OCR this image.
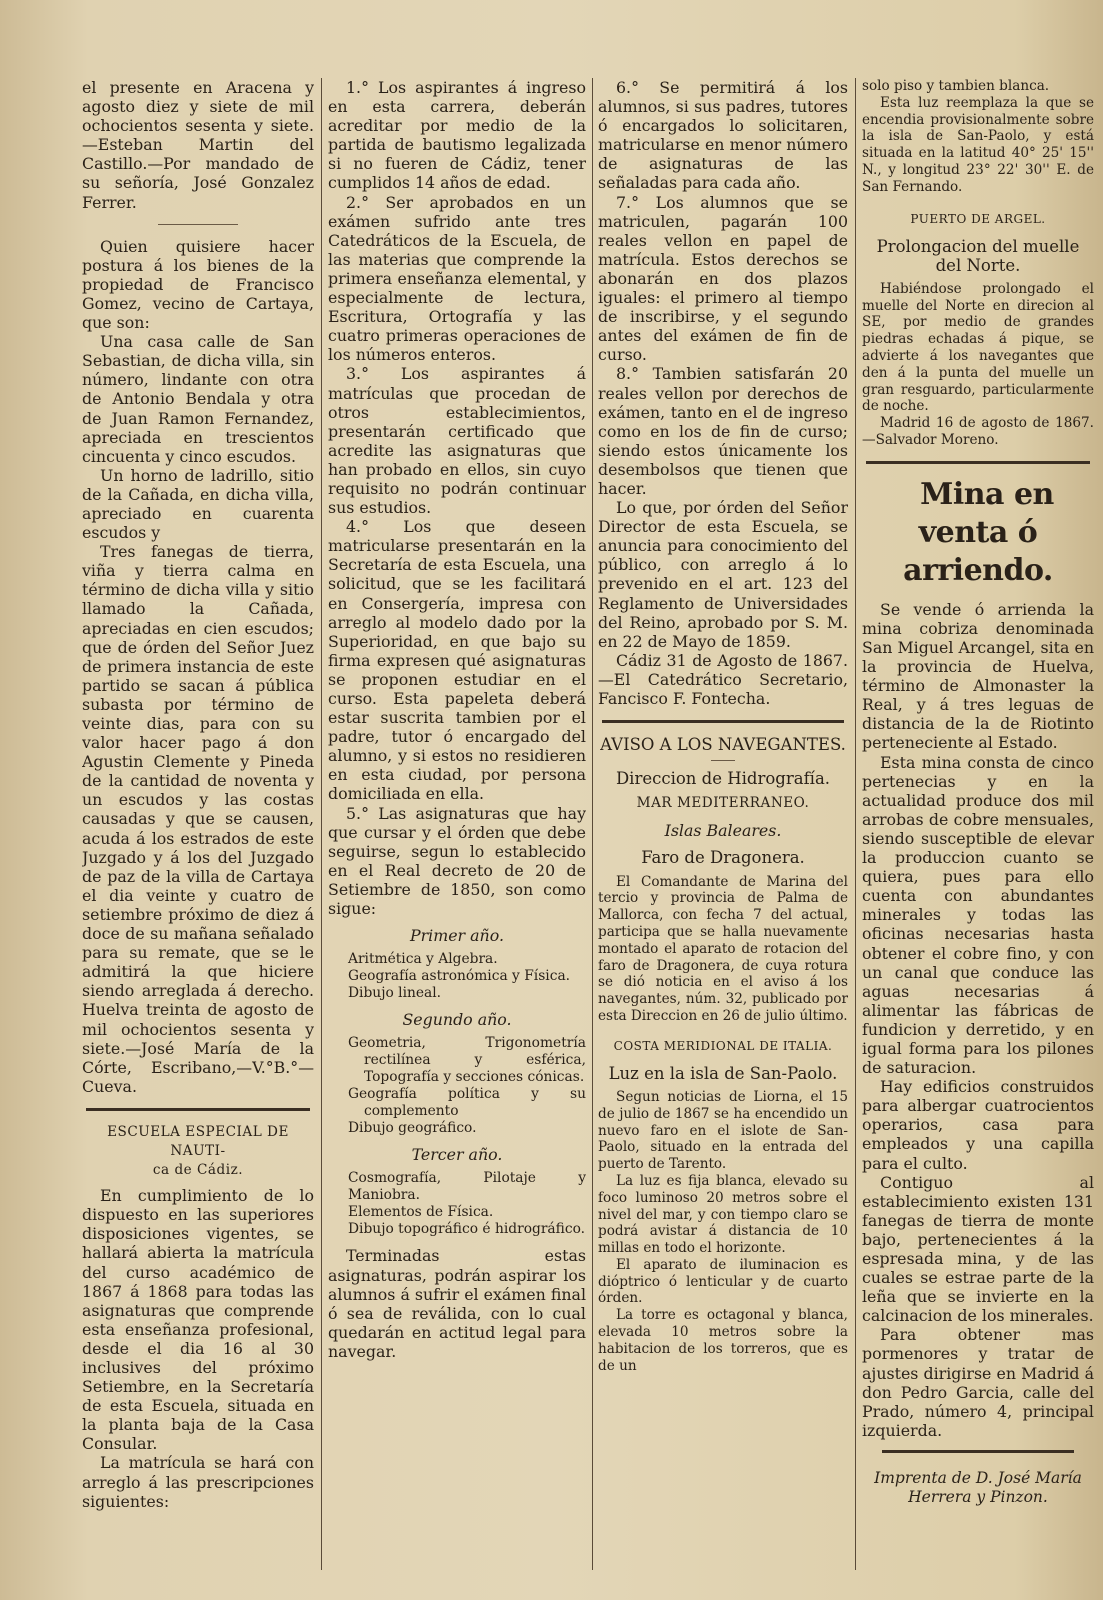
el presente en Aracena y agosto diez y siete de mil ochocientos sesenta y siete.—Esteban Martin del Castillo.—Por mandado de su señoría, José Gonzalez Ferrer.

Quien quisiere hacer postura á los bienes de la propiedad de Francisco Gomez, vecino de Cartaya, que son:

Una casa calle de San Sebastian, de dicha villa, sin número, lindante con otra de Antonio Bendala y otra de Juan Ramon Fernandez, apreciada en trescientos cincuenta y cinco escudos.

Un horno de ladrillo, sitio de la Cañada, en dicha villa, apreciado en cuarenta escudos y

Tres fanegas de tierra, viña y tierra calma en término de dicha villa y sitio llamado la Cañada, apreciadas en cien escudos; que de órden del Señor Juez de primera instancia de este partido se sacan á pública subasta por término de veinte dias, para con su valor hacer pago á don Agustin Clemente y Pineda de la cantidad de noventa y un escudos y las costas causadas y que se causen, acuda á los estrados de este Juzgado y á los del Juzgado de paz de la villa de Cartaya el dia veinte y cuatro de setiembre próximo de diez á doce de su mañana señalado para su remate, que se le admitirá la que hiciere siendo arreglada á derecho. Huelva treinta de agosto de mil ochocientos sesenta y siete.—José María de la Córte, Escribano,—V.°B.°—Cueva.

ESCUELA ESPECIAL DE NAUTI-

ca de Cádiz.

En cumplimiento de lo dispuesto en las superiores disposiciones vigentes, se hallará abierta la matrícula del curso académico de 1867 á 1868 para todas las asignaturas que comprende esta enseñanza profesional, desde el dia 16 al 30 inclusives del próximo Setiembre, en la Secretaría de esta Escuela, situada en la planta baja de la Casa Consular.

La matrícula se hará con arreglo á las prescripciones siguientes:

1.° Los aspirantes á ingreso en esta carrera, deberán acreditar por medio de la partida de bautismo legalizada si no fueren de Cádiz, tener cumplidos 14 años de edad.

2.° Ser aprobados en un exámen sufrido ante tres Catedráticos de la Escuela, de las materias que comprende la primera enseñanza elemental, y especialmente de lectura, Escritura, Ortografía y las cuatro primeras operaciones de los números enteros.

3.° Los aspirantes á matrículas que procedan de otros establecimientos, presentarán certificado que acredite las asignaturas que han probado en ellos, sin cuyo requisito no podrán continuar sus estudios.

4.° Los que deseen matricularse presentarán en la Secretaría de esta Escuela, una solicitud, que se les facilitará en Consergería, impresa con arreglo al modelo dado por la Superioridad, en que bajo su firma expresen qué asignaturas se proponen estudiar en el curso. Esta papeleta deberá estar suscrita tambien por el padre, tutor ó encargado del alumno, y si estos no residieren en esta ciudad, por persona domiciliada en ella.

5.° Las asignaturas que hay que cursar y el órden que debe seguirse, segun lo establecido en el Real decreto de 20 de Setiembre de 1850, son como sigue:

Primer año.

Aritmética y Algebra.

Geografía astronómica y Física.

Dibujo lineal.

Segundo año.

Geometria, Trigonometría rectilínea y esférica, Topografía y secciones cónicas.

Geografía política y su complemento

Dibujo geográfico.

Tercer año.

Cosmografía, Pilotaje y Maniobra.

Elementos de Física.

Dibujo topográfico é hidrográfico.

Terminadas estas asignaturas, podrán aspirar los alumnos á sufrir el exámen final ó sea de reválida, con lo cual quedarán en actitud legal para navegar.

6.° Se permitirá á los alumnos, si sus padres, tutores ó encargados lo solicitaren, matricularse en menor número de asignaturas de las señaladas para cada año.

7.° Los alumnos que se matriculen, pagarán 100 reales vellon en papel de matrícula. Estos derechos se abonarán en dos plazos iguales: el primero al tiempo de inscribirse, y el segundo antes del exámen de fin de curso.

8.° Tambien satisfarán 20 reales vellon por derechos de exámen, tanto en el de ingreso como en los de fin de curso; siendo estos únicamente los desembolsos que tienen que hacer.

Lo que, por órden del Señor Director de esta Escuela, se anuncia para conocimiento del público, con arreglo á lo prevenido en el art. 123 del Reglamento de Universidades del Reino, aprobado por S. M. en 22 de Mayo de 1859.

Cádiz 31 de Agosto de 1867.—El Catedrático Secretario, Fancisco F. Fontecha.

AVISO A LOS NAVEGANTES.

Direccion de Hidrografía.

MAR MEDITERRANEO.

Islas Baleares.

Faro de Dragonera.

El Comandante de Marina del tercio y provincia de Palma de Mallorca, con fecha 7 del actual, participa que se halla nuevamente montado el aparato de rotacion del faro de Dragonera, de cuya rotura se dió noticia en el aviso á los navegantes, núm. 32, publicado por esta Direccion en 26 de julio último.

COSTA MERIDIONAL DE ITALIA.

Luz en la isla de San-Paolo.

Segun noticias de Liorna, el 15 de julio de 1867 se ha encendido un nuevo faro en el islote de San-Paolo, situado en la entrada del puerto de Tarento.

La luz es fija blanca, elevado su foco luminoso 20 metros sobre el nivel del mar, y con tiempo claro se podrá avistar á distancia de 10 millas en todo el horizonte.

El aparato de iluminacion es dióptrico ó lenticular y de cuarto órden.

La torre es octagonal y blanca, elevada 10 metros sobre la habitacion de los torreros, que es de un

solo piso y tambien blanca.

Esta luz reemplaza la que se encendia provisionalmente sobre la isla de San-Paolo, y está situada en la latitud 40° 25' 15'' N., y longitud 23° 22' 30'' E. de San Fernando.

PUERTO DE ARGEL.

Prolongacion del muelle del Norte.

Habiéndose prolongado el muelle del Norte en direcion al SE, por medio de grandes piedras echadas á pique, se advierte á los navegantes que den á la punta del muelle un gran resguardo, particularmente de noche.

Madrid 16 de agosto de 1867. —Salvador Moreno.

Mina en venta ó arriendo.

Se vende ó arrienda la mina cobriza denominada San Miguel Arcangel, sita en la provincia de Huelva, término de Almonaster la Real, y á tres leguas de distancia de la de Riotinto perteneciente al Estado.

Esta mina consta de cinco pertenecias y en la actualidad produce dos mil arrobas de cobre mensuales, siendo susceptible de elevar la produccion cuanto se quiera, pues para ello cuenta con abundantes minerales y todas las oficinas necesarias hasta obtener el cobre fino, y con un canal que conduce las aguas necesarias á alimentar las fábricas de fundicion y derretido, y en igual forma para los pilones de saturacion.

Hay edificios construidos para albergar cuatrocientos operarios, casa para empleados y una capilla para el culto.

Contiguo al establecimiento existen 131 fanegas de tierra de monte bajo, pertenecientes á la espresada mina, y de las cuales se estrae parte de la leña que se invierte en la calcinacion de los minerales.

Para obtener mas pormenores y tratar de ajustes dirigirse en Madrid á don Pedro Garcia, calle del Prado, número 4, principal izquierda.

Imprenta de D. José María

Herrera y Pinzon.
